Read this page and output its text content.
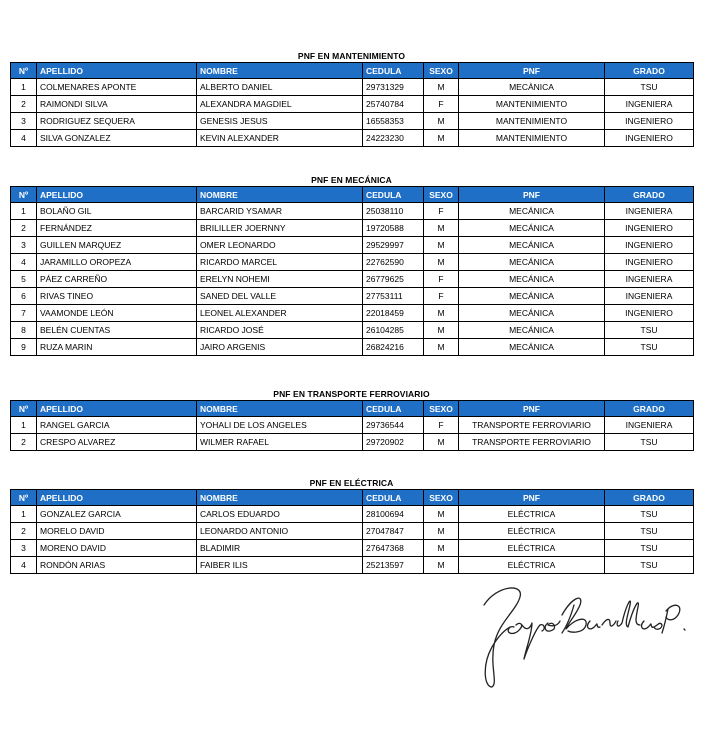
PNF EN MANTENIMIENTO
Nº	APELLIDO	NOMBRE	CEDULA	SEXO	PNF	GRADO
1	COLMENARES APONTE	ALBERTO DANIEL	29731329	M	MECÀNICA	TSU
2	RAIMONDI SILVA	ALEXANDRA MAGDIEL	25740784	F	MANTENIMIENTO	INGENIERA
3	RODRIGUEZ SEQUERA	GENESIS JESUS	16558353	M	MANTENIMIENTO	INGENIERO
4	SILVA GONZALEZ	KEVIN ALEXANDER	24223230	M	MANTENIMIENTO	INGENIERO
PNF EN MECÁNICA
Nº	APELLIDO	NOMBRE	CEDULA	SEXO	PNF	GRADO
1	BOLAÑO GIL	BARCARID YSAMAR	25038110	F	MECÁNICA	INGENIERA
2	FERNÁNDEZ	BRILILLER JOERNNY	19720588	M	MECÁNICA	INGENIERO
3	GUILLEN MARQUEZ	OMER LEONARDO	29529997	M	MECÁNICA	INGENIERO
4	JARAMILLO OROPEZA	RICARDO MARCEL	22762590	M	MECÁNICA	INGENIERO
5	PÁEZ CARREÑO	ERELYN NOHEMI	26779625	F	MECÁNICA	INGENIERA
6	RIVAS TINEO	SANED DEL VALLE	27753111	F	MECÁNICA	INGENIERA
7	VAAMONDE LEÓN	LEONEL ALEXANDER	22018459	M	MECÁNICA	INGENIERO
8	BELÉN CUENTAS	RICARDO JOSÉ	26104285	M	MECÁNICA	TSU
9	RUZA MARIN	JAIRO ARGENIS	26824216	M	MECÁNICA	TSU
PNF EN TRANSPORTE FERROVIARIO
Nº	APELLIDO	NOMBRE	CEDULA	SEXO	PNF	GRADO
1	RANGEL GARCIA	YOHALI DE LOS ANGELES	29736544	F	TRANSPORTE FERROVIARIO	INGENIERA
2	CRESPO ALVAREZ	WILMER RAFAEL	29720902	M	TRANSPORTE FERROVIARIO	TSU
PNF EN ELÉCTRICA
Nº	APELLIDO	NOMBRE	CEDULA	SEXO	PNF	GRADO
1	GONZALEZ GARCIA	CARLOS EDUARDO	28100694	M	ELÉCTRICA	TSU
2	MORELO DAVID	LEONARDO ANTONIO	27047847	M	ELÉCTRICA	TSU
3	MORENO DAVID	BLADIMIR	27647368	M	ELÉCTRICA	TSU
4	RONDÓN ARIAS	FAIBER ILIS	25213597	M	ELÉCTRICA	TSU
